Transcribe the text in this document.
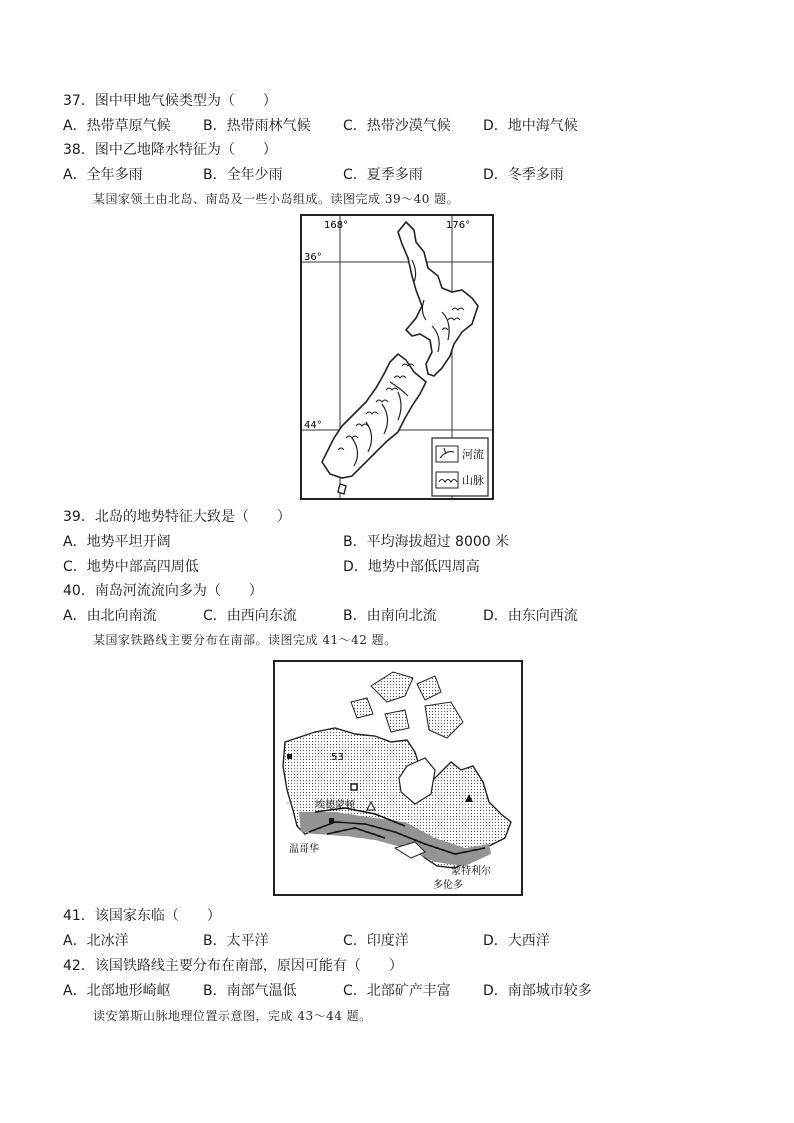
37．图中甲地气候类型为（　　）
A．热带草原气候 B．热带雨林气候 C．热带沙漠气候 D．地中海气候
38．图中乙地降水特征为（　　）
A．全年多雨	B．全年少雨	C．夏季多雨	D．冬季多雨
某国家领土由北岛、南岛及一些小岛组成。读图完成 39～40 题。
168°	176°
36°
44°
河流
山脉
39．北岛的地势特征大致是（　　）
A．地势平坦开阔	B．平均海拔超过 8000 米
C．地势中部高四周低	D．地势中部低四周高
40．南岛河流流向多为（　　）
A．由北向南流	C．由西向东流	B．由南向北流	D．由东向西流
某国家铁路线主要分布在南部。读图完成 41～42 题。
◦
53
埃德蒙顿
温哥华
蒙特利尔
多伦多
41．该国家东临（　　）
A．北冰洋	B．太平洋	C．印度洋	D．大西洋
42．该国铁路线主要分布在南部，原因可能有（　　）
A．北部地形崎岖 B．南部气温低	C．北部矿产丰富 D．南部城市较多
读安第斯山脉地理位置示意图，完成 43～44 题。
